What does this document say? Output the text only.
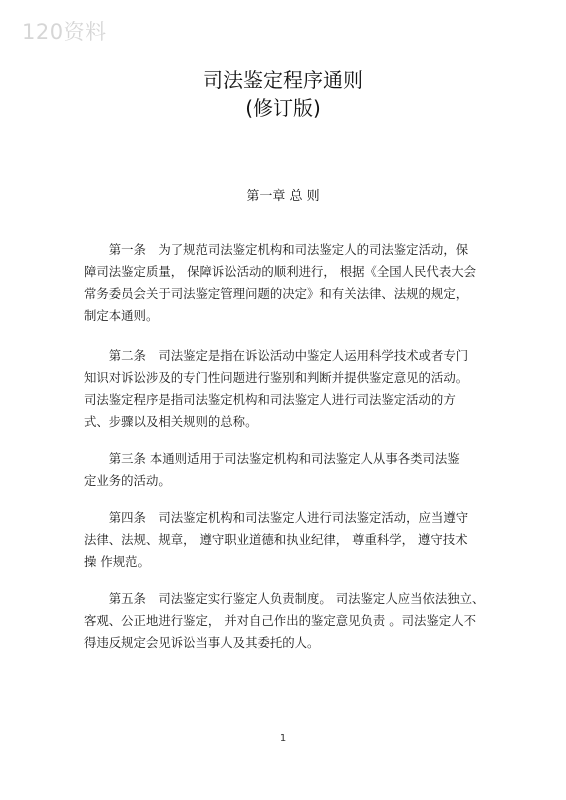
120资料
司法鉴定程序通则
(修订版)
第一章 总 则
　　第一条　为了规范司法鉴定机构和司法鉴定人的司法鉴定活动，保
障司法鉴定质量， 保障诉讼活动的顺利进行， 根据《全国人民代表大会
常务委员会关于司法鉴定管理问题的决定》和有关法律、法规的规定，
制定本通则。
　　第二条　司法鉴定是指在诉讼活动中鉴定人运用科学技术或者专门
知识对诉讼涉及的专门性问题进行鉴别和判断并提供鉴定意见的活动。
司法鉴定程序是指司法鉴定机构和司法鉴定人进行司法鉴定活动的方
式、步骤以及相关规则的总称。
　　第三条 本通则适用于司法鉴定机构和司法鉴定人从事各类司法鉴
定业务的活动。
　　第四条　司法鉴定机构和司法鉴定人进行司法鉴定活动，应当遵守
法律、法规、规章， 遵守职业道德和执业纪律， 尊重科学， 遵守技术
操 作规范。
　　第五条　司法鉴定实行鉴定人负责制度。 司法鉴定人应当依法独立、
客观、公正地进行鉴定， 并对自己作出的鉴定意见负责 。司法鉴定人不
得违反规定会见诉讼当事人及其委托的人。
1
